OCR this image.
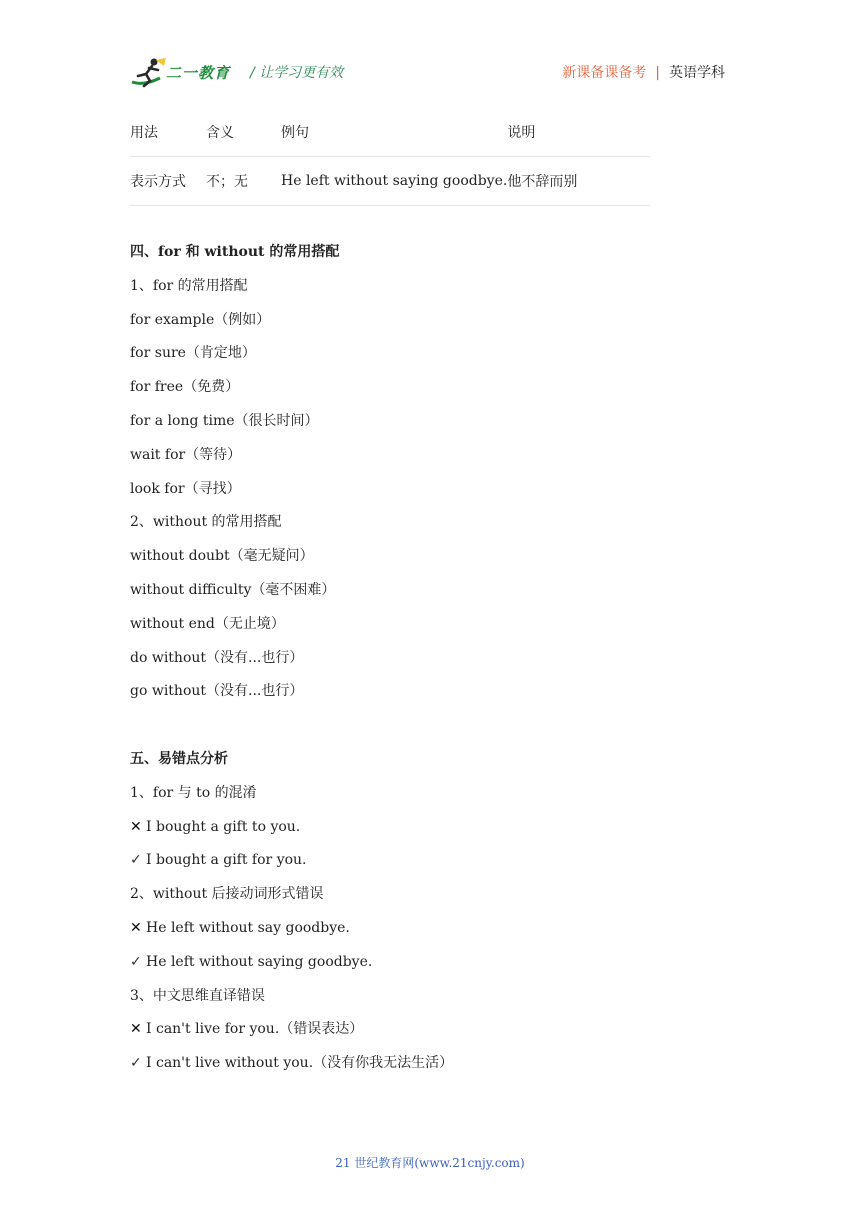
二一教育 / 让学习更有效	新课备课备考 | 英语学科
用法	含义	例句	说明
表示方式	不；无	He left without saying goodbye.	他不辞而别
四、for 和 without 的常用搭配
1、for 的常用搭配
for example（例如）
for sure（肯定地）
for free（免费）
for a long time（很长时间）
wait for（等待）
look for（寻找）
2、without 的常用搭配
without doubt（毫无疑问）
without difficulty（毫不困难）
without end（无止境）
do without（没有...也行）
go without（没有...也行）
五、易错点分析
1、for 与 to 的混淆
✕ I bought a gift to you.
✓ I bought a gift for you.
2、without 后接动词形式错误
✕ He left without say goodbye.
✓ He left without saying goodbye.
3、中文思维直译错误
✕ I can't live for you.（错误表达）
✓ I can't live without you.（没有你我无法生活）
21 世纪教育网(www.21cnjy.com)
